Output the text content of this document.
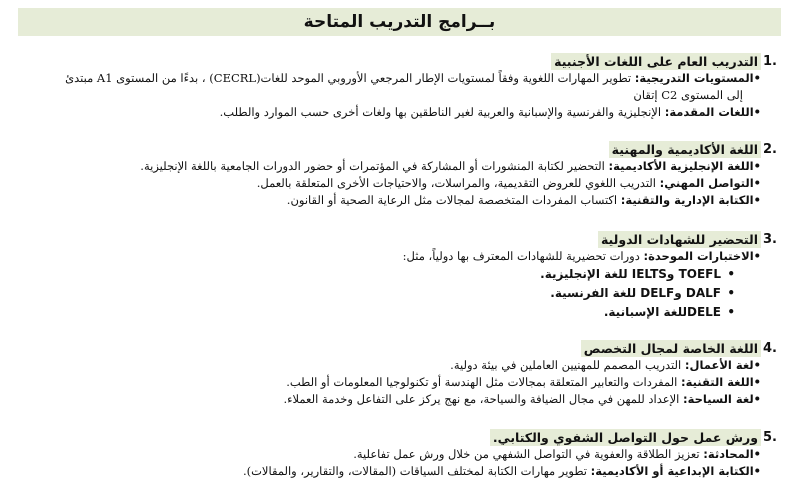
بــرامج التدريب المتاحة
.1
التدريب العام على اللغات الأجنبية
•المستويات التدريجية: تطوير المهارات اللغوية وفقاً لمستويات الإطار المرجعي الأوروبي الموحد للغات(CECRL) ، بدءًا من المستوى A1 مبتدئ
إلى المستوى C2 إتقان
•اللغات المقدمة: الإنجليزية والفرنسية والإسبانية والعربية لغير الناطقين بها ولغات أخرى حسب الموارد والطلب.
.2
اللغة الأكاديمية والمهنية
•اللغة الإنجليزية الأكاديمية: التحضير لكتابة المنشورات أو المشاركة في المؤتمرات أو حضور الدورات الجامعية باللغة الإنجليزية.
•التواصل المهني: التدريب اللغوي للعروض التقديمية، والمراسلات، والاحتياجات الأخرى المتعلقة بالعمل.
•الكتابة الإدارية والتقنية: اكتساب المفردات المتخصصة لمجالات مثل الرعاية الصحية أو القانون.
.3
التحضير للشهادات الدولية
•الاختبارات الموحدة: دورات تحضيرية للشهادات المعترف بها دولياً، مثل:
•TOEFL وIELTS للغة الإنجليزية.
•DALF وDELF للغة الفرنسية.
•DELEللغة الإسبانية.
.4
اللغة الخاصة لمجال التخصص
•لغة الأعمال: التدريب المصمم للمهنيين العاملين في بيئة دولية.
•اللغة التقنية: المفردات والتعابير المتعلقة بمجالات مثل الهندسة أو تكنولوجيا المعلومات أو الطب.
•لغة السياحة: الإعداد للمهن في مجال الضيافة والسياحة، مع نهج يركز على التفاعل وخدمة العملاء.
.5
ورش عمل حول التواصل الشفوي والكتابي.
•المحادثة: تعزيز الطلاقة والعفوية في التواصل الشفهي من خلال ورش عمل تفاعلية.
•الكتابة الإبداعية أو الأكاديمية: تطوير مهارات الكتابة لمختلف السياقات (المقالات، والتقارير، والمقالات).
